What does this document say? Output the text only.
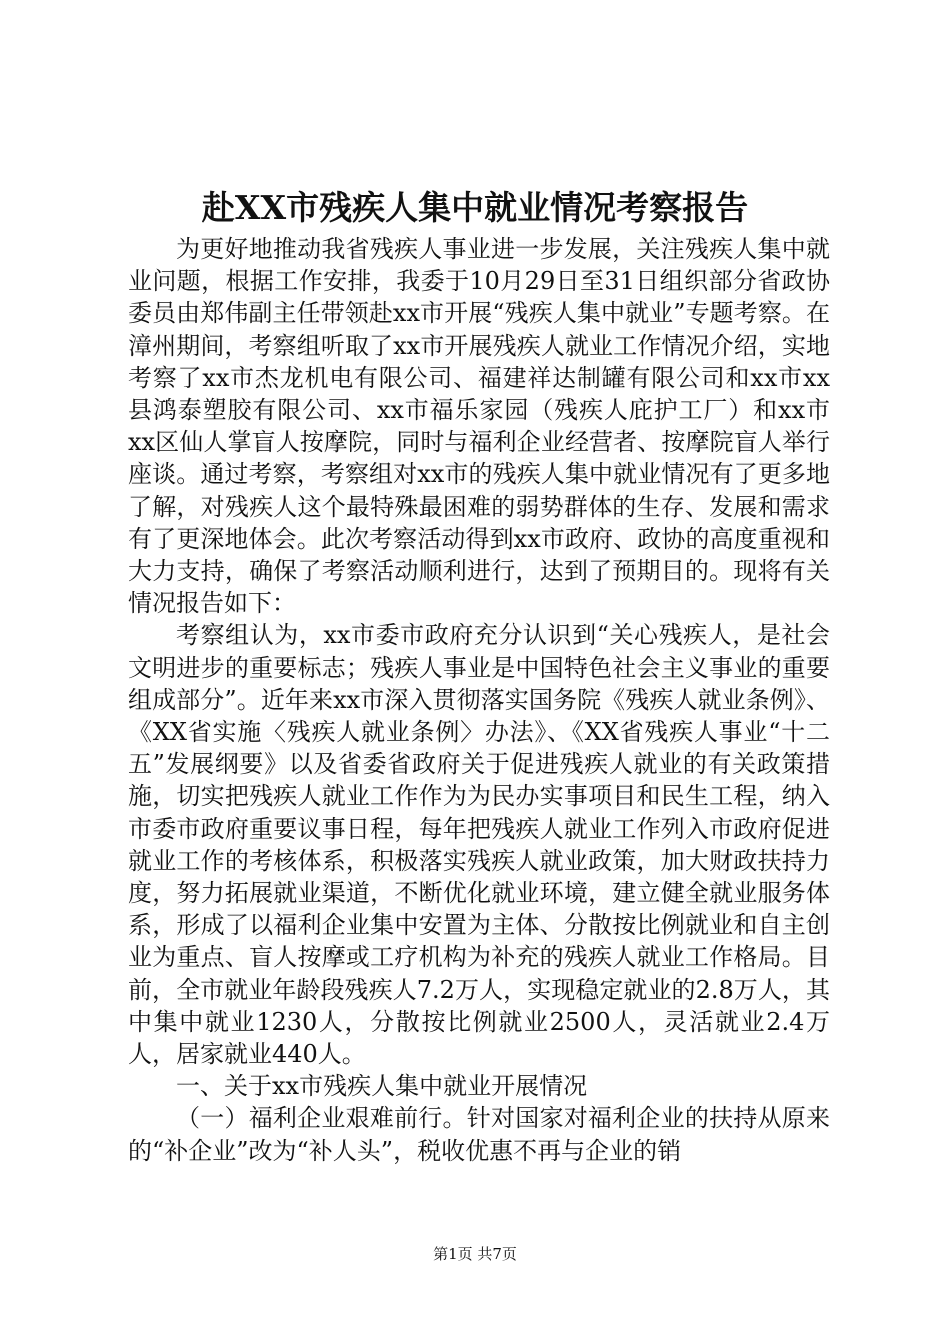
赴XX市残疾人集中就业情况考察报告

为更好地推动我省残疾人事业进一步发展，关注残疾人集中就业问题，根据工作安排，我委于10月29日至31日组织部分省政协委员由郑伟副主任带领赴xx市开展“残疾人集中就业”专题考察。在漳州期间，考察组听取了xx市开展残疾人就业工作情况介绍，实地考察了xx市杰龙机电有限公司、福建祥达制罐有限公司和xx市xx县鸿泰塑胶有限公司、xx市福乐家园（残疾人庇护工厂）和xx市xx区仙人掌盲人按摩院，同时与福利企业经营者、按摩院盲人举行座谈。通过考察，考察组对xx市的残疾人集中就业情况有了更多地了解，对残疾人这个最特殊最困难的弱势群体的生存、发展和需求有了更深地体会。此次考察活动得到xx市政府、政协的高度重视和大力支持，确保了考察活动顺利进行，达到了预期目的。现将有关情况报告如下：

考察组认为，xx市委市政府充分认识到“关心残疾人，是社会文明进步的重要标志；残疾人事业是中国特色社会主义事业的重要组成部分”。近年来xx市深入贯彻落实国务院《残疾人就业条例》、《XX省实施〈残疾人就业条例〉办法》、《XX省残疾人事业“十二五”发展纲要》以及省委省政府关于促进残疾人就业的有关政策措施，切实把残疾人就业工作作为为民办实事项目和民生工程，纳入市委市政府重要议事日程，每年把残疾人就业工作列入市政府促进就业工作的考核体系，积极落实残疾人就业政策，加大财政扶持力度，努力拓展就业渠道，不断优化就业环境，建立健全就业服务体系，形成了以福利企业集中安置为主体、分散按比例就业和自主创业为重点、盲人按摩或工疗机构为补充的残疾人就业工作格局。目前，全市就业年龄段残疾人7.2万人，实现稳定就业的2.8万人，其中集中就业1230人，分散按比例就业2500人，灵活就业2.4万人，居家就业440人。

一、关于xx市残疾人集中就业开展情况

（一）福利企业艰难前行。针对国家对福利企业的扶持从原来的“补企业”改为“补人头”，税收优惠不再与企业的销

第1页 共7页
